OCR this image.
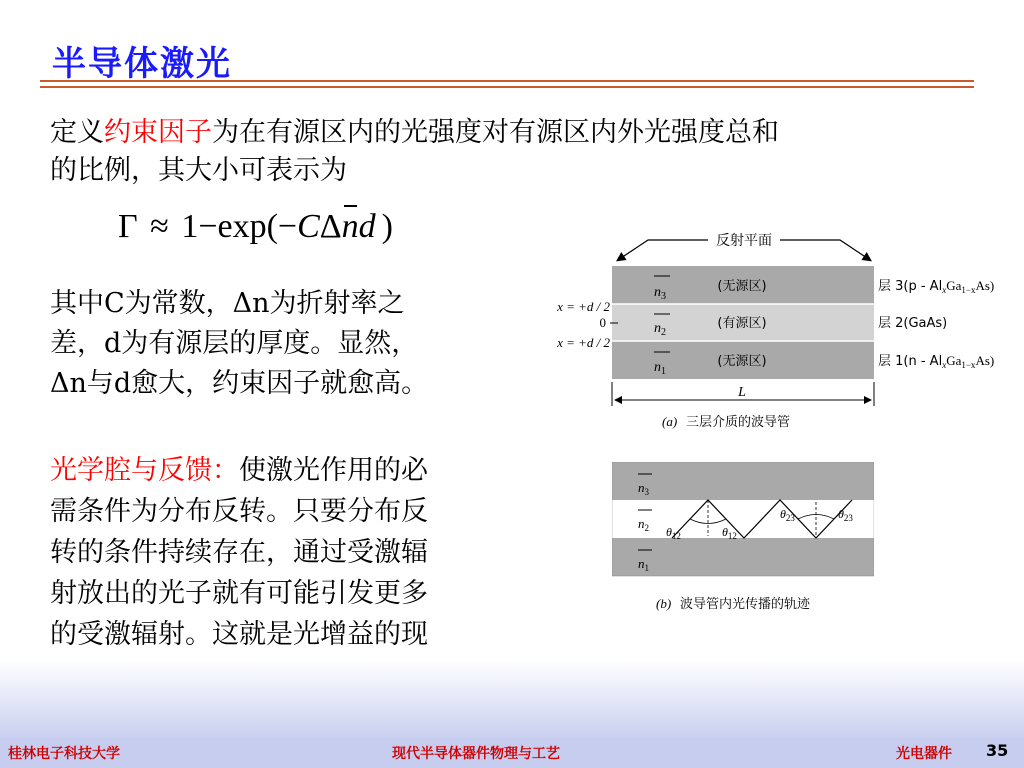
半导体激光
定义约束因子为在有源区内的光强度对有源区内外光强度总和
的比例，其大小可表示为
Γ ≈ 1−exp(−CΔnd )
其中C为常数，Δn为折射率之
差，d为有源层的厚度。显然，
Δn与d愈大，约束因子就愈高。
光学腔与反馈：使激光作用的必
需条件为分布反转。只要分布反
转的条件持续存在，通过受激辐
射放出的光子就有可能引发更多
的受激辐射。这就是光增益的现
反射平面
$n_3$
$n_2$
$n_1$
(无源区)
(有源区)
(无源区)
x = +d / 2
0
x = +d / 2
层 $3(p - Al_xGa_{1-x}As)$
层 2(GaAs)
层 $1(n - Al_xGa_{1-x}As)$
L
(a) 三层介质的波导管
$n_3$
$n_2$
$n_1$
$\theta_{12}$	$\theta_{12}$
$\theta_{23}$	$\theta_{23}$
(b) 波导管内光传播的轨迹
桂林电子科技大学	现代半导体器件物理与工艺	光电器件 35
